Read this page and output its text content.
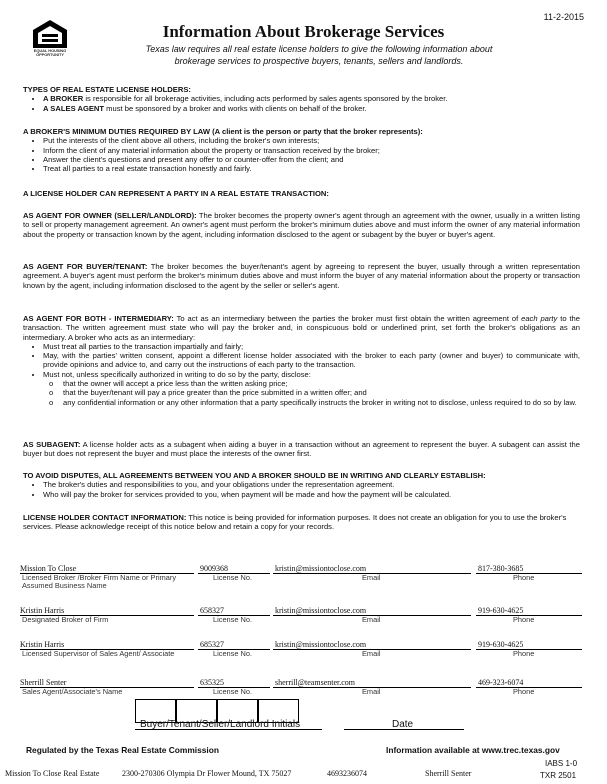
11-2-2015
EQUAL HOUSING OPPORTUNITY
Information About Brokerage Services
Texas law requires all real estate license holders to give the following information about
brokerage services to prospective buyers, tenants, sellers and landlords.
TYPES OF REAL ESTATE LICENSE HOLDERS:
• A BROKER is responsible for all brokerage activities, including acts performed by sales agents sponsored by the broker.
• A SALES AGENT must be sponsored by a broker and works with clients on behalf of the broker.
A BROKER'S MINIMUM DUTIES REQUIRED BY LAW (A client is the person or party that the broker represents):
• Put the interests of the client above all others, including the broker's own interests;
• Inform the client of any material information about the property or transaction received by the broker;
• Answer the client's questions and present any offer to or counter-offer from the client; and
• Treat all parties to a real estate transaction honestly and fairly.
A LICENSE HOLDER CAN REPRESENT A PARTY IN A REAL ESTATE TRANSACTION:
AS AGENT FOR OWNER (SELLER/LANDLORD): The broker becomes the property owner's agent through an agreement with the owner, usually in a written listing to sell or property management agreement. An owner's agent must perform the broker's minimum duties above and must inform the owner of any material information about the property or transaction known by the agent, including information disclosed to the agent or subagent by the buyer or buyer's agent.
AS AGENT FOR BUYER/TENANT: The broker becomes the buyer/tenant's agent by agreeing to represent the buyer, usually through a written representation agreement. A buyer's agent must perform the broker's minimum duties above and must inform the buyer of any material information about the property or transaction known by the agent, including information disclosed to the agent by the seller or seller's agent.
AS AGENT FOR BOTH - INTERMEDIARY: To act as an intermediary between the parties the broker must first obtain the written agreement of each party to the transaction. The written agreement must state who will pay the broker and, in conspicuous bold or underlined print, set forth the broker's obligations as an intermediary. A broker who acts as an intermediary:
• Must treat all parties to the transaction impartially and fairly;
• May, with the parties' written consent, appoint a different license holder associated with the broker to each party (owner and buyer) to communicate with, provide opinions and advice to, and carry out the instructions of each party to the transaction.
• Must not, unless specifically authorized in writing to do so by the party, disclose:
o that the owner will accept a price less than the written asking price;
o that the buyer/tenant will pay a price greater than the price submitted in a written offer; and
o any confidential information or any other information that a party specifically instructs the broker in writing not to disclose, unless required to do so by law.
AS SUBAGENT: A license holder acts as a subagent when aiding a buyer in a transaction without an agreement to represent the buyer. A subagent can assist the buyer but does not represent the buyer and must place the interests of the owner first.
TO AVOID DISPUTES, ALL AGREEMENTS BETWEEN YOU AND A BROKER SHOULD BE IN WRITING AND CLEARLY ESTABLISH:
• The broker's duties and responsibilities to you, and your obligations under the representation agreement.
• Who will pay the broker for services provided to you, when payment will be made and how the payment will be calculated.
LICENSE HOLDER CONTACT INFORMATION: This notice is being provided for information purposes. It does not create an obligation for you to use the broker's services. Please acknowledge receipt of this notice below and retain a copy for your records.
Mission To Close	9009368	kristin@missiontoclose.com	817-380-3685
Licensed Broker /Broker Firm Name or Primary Assumed Business Name
License No.	Email	Phone
Kristin Harris	658327	kristin@missiontoclose.com	919-630-4625
Designated Broker of Firm	License No.	Email	Phone
Kristin Harris	685327	kristin@missiontoclose.com	919-630-4625
Licensed Supervisor of Sales Agent/ Associate	License No.	Email	Phone
Sherrill Senter	635325	sherrill@teamsenter.com	469-323-6074
Sales Agent/Associate's Name	License No.	Email	Phone
Buyer/Tenant/Seller/Landlord Initials	Date
Regulated by the Texas Real Estate Commission	Information available at www.trec.texas.gov
IABS 1-0
Mission To Close Real Estate	2300-270306 Olympia Dr Flower Mound, TX 75027	4693236074	Sherrill Senter	TXR 2501
